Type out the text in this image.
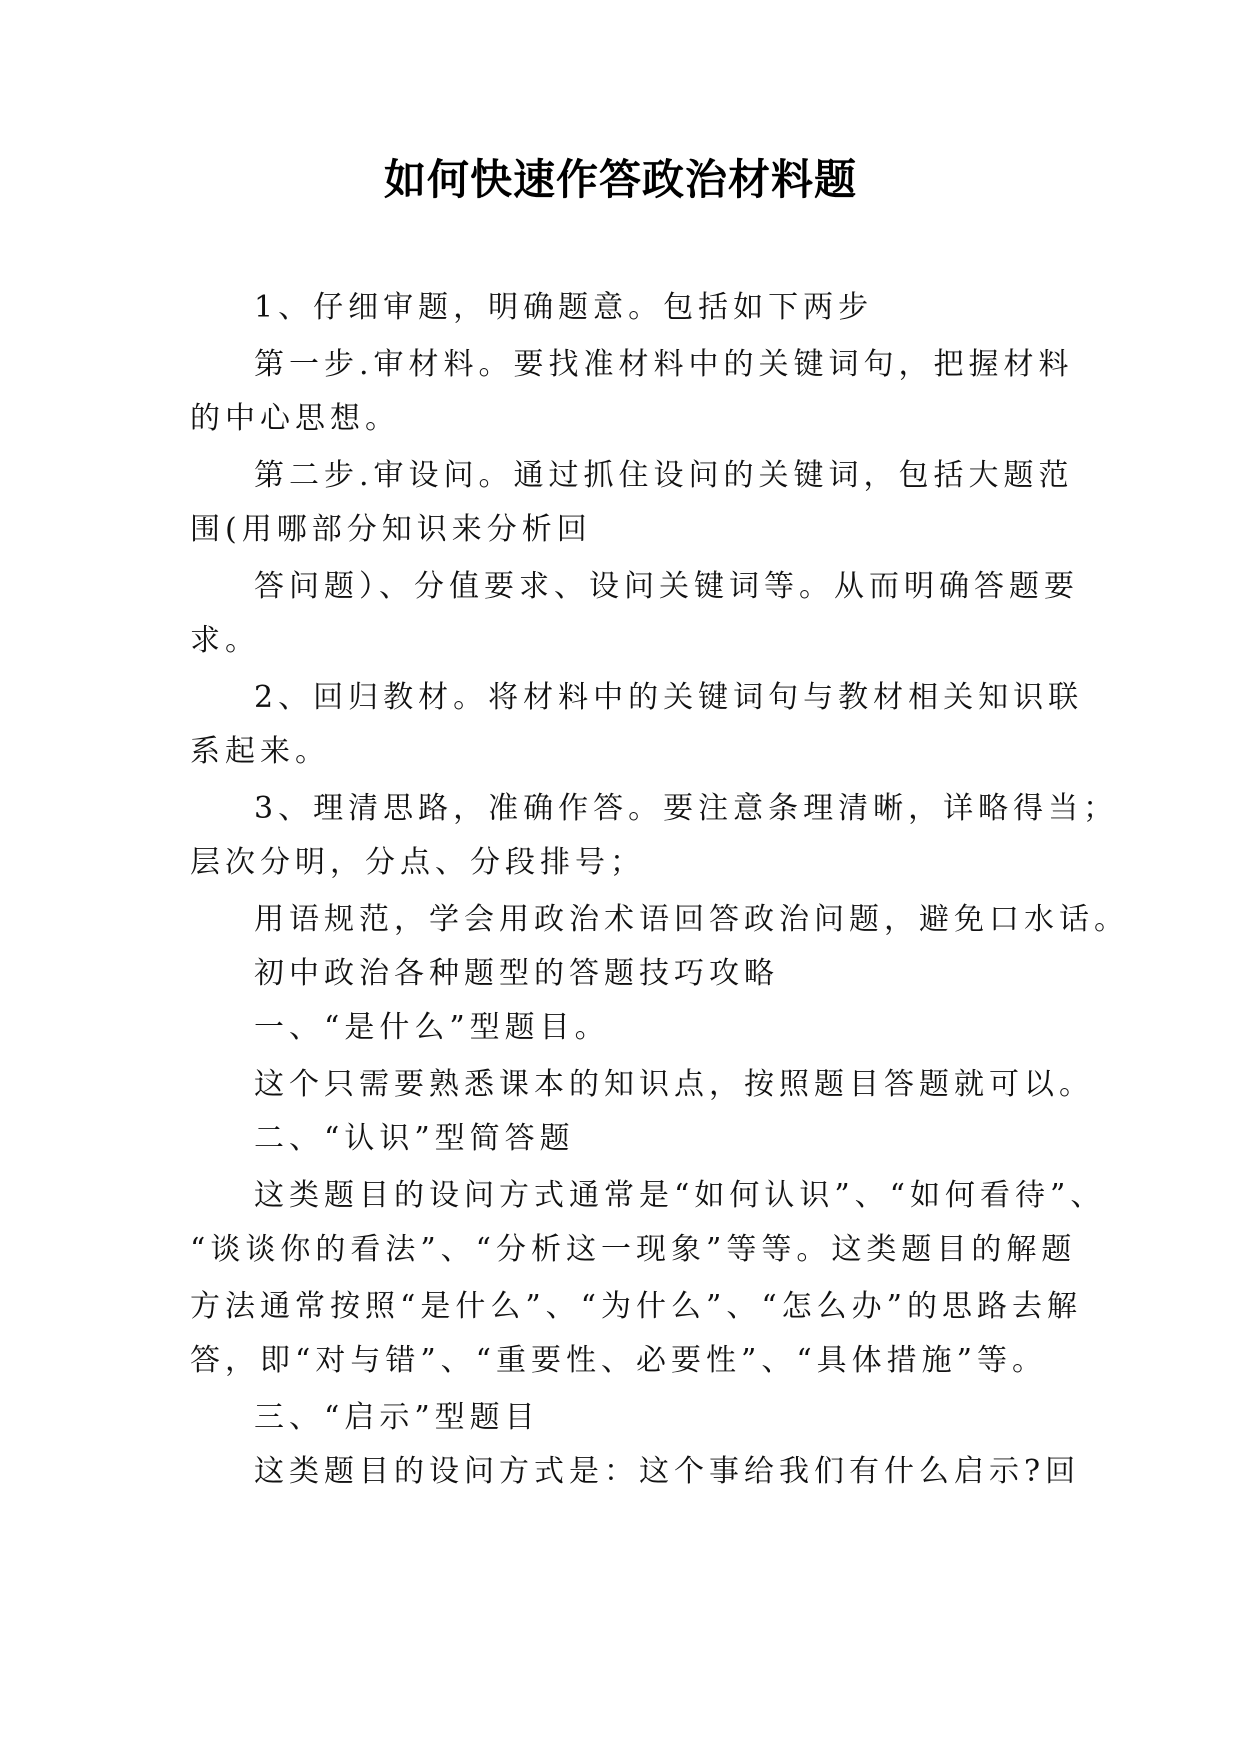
如何快速作答政治材料题
1、仔细审题，明确题意。包括如下两步
第一步.审材料。要找准材料中的关键词句，把握材料
的中心思想。
第二步.审设问。通过抓住设问的关键词，包括大题范
围(用哪部分知识来分析回
答问题）、分值要求、设问关键词等。从而明确答题要
求。
2、回归教材。将材料中的关键词句与教材相关知识联
系起来。
3、理清思路，准确作答。要注意条理清晰，详略得当；
层次分明，分点、分段排号；
用语规范，学会用政治术语回答政治问题，避免口水话。
初中政治各种题型的答题技巧攻略
一、“是什么”型题目。
这个只需要熟悉课本的知识点，按照题目答题就可以。
二、“认识”型简答题
这类题目的设问方式通常是“如何认识”、“如何看待”、
“谈谈你的看法”、“分析这一现象”等等。这类题目的解题
方法通常按照“是什么”、“为什么”、“怎么办”的思路去解
答，即“对与错”、“重要性、必要性”、“具体措施”等。
三、“启示”型题目
这类题目的设问方式是：这个事给我们有什么启示?回
